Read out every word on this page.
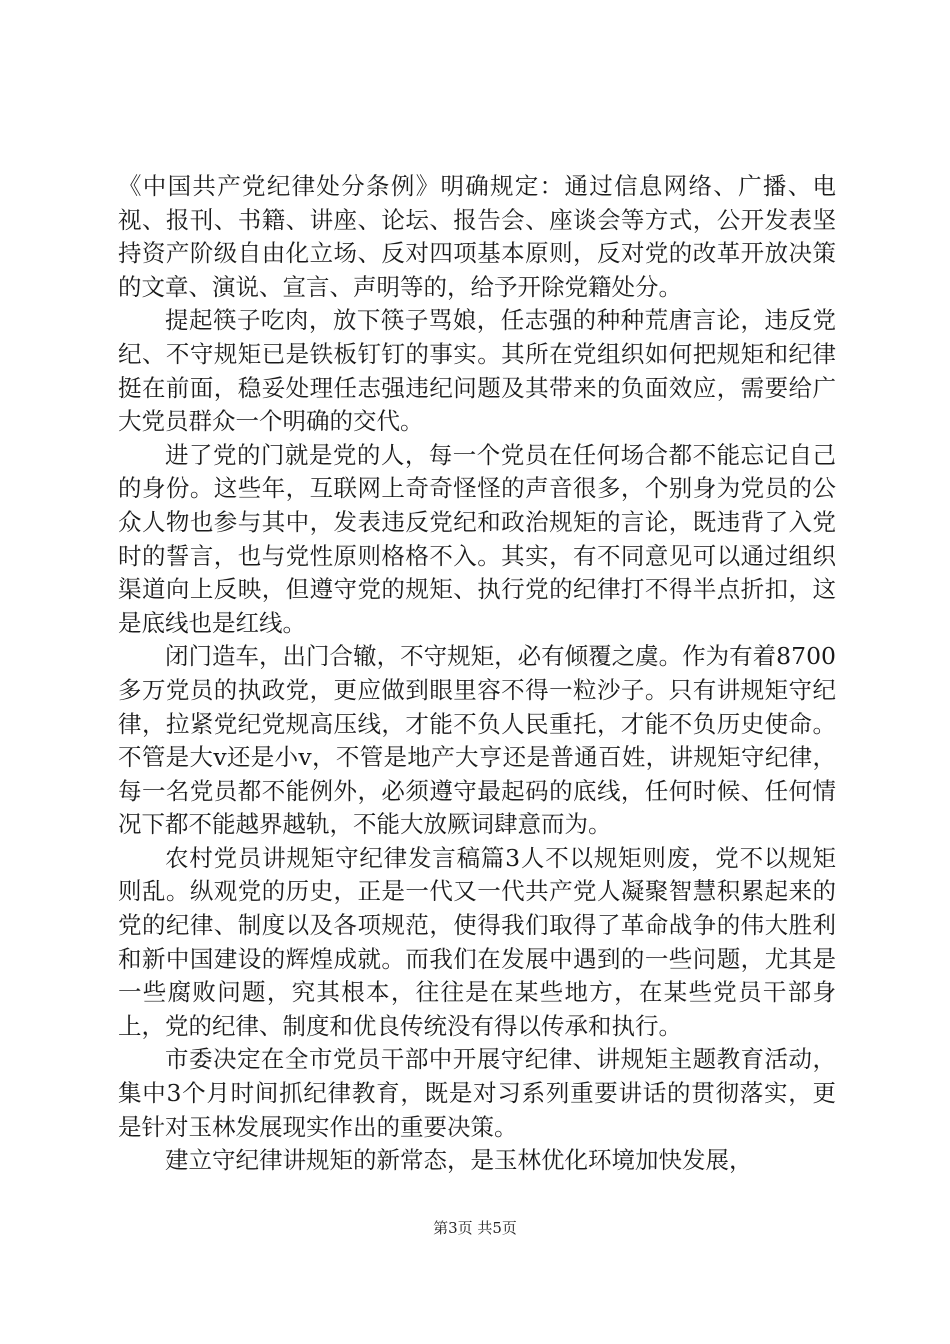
《中国共产党纪律处分条例》明确规定：通过信息网络、广播、电视、报刊、书籍、讲座、论坛、报告会、座谈会等方式，公开发表坚持资产阶级自由化立场、反对四项基本原则，反对党的改革开放决策的文章、演说、宣言、声明等的，给予开除党籍处分。

提起筷子吃肉，放下筷子骂娘，任志强的种种荒唐言论，违反党纪、不守规矩已是铁板钉钉的事实。其所在党组织如何把规矩和纪律挺在前面，稳妥处理任志强违纪问题及其带来的负面效应，需要给广大党员群众一个明确的交代。

进了党的门就是党的人，每一个党员在任何场合都不能忘记自己的身份。这些年，互联网上奇奇怪怪的声音很多，个别身为党员的公众人物也参与其中，发表违反党纪和政治规矩的言论，既违背了入党时的誓言，也与党性原则格格不入。其实，有不同意见可以通过组织渠道向上反映，但遵守党的规矩、执行党的纪律打不得半点折扣，这是底线也是红线。

闭门造车，出门合辙，不守规矩，必有倾覆之虞。作为有着8700多万党员的执政党，更应做到眼里容不得一粒沙子。只有讲规矩守纪律，拉紧党纪党规高压线，才能不负人民重托，才能不负历史使命。不管是大v还是小v，不管是地产大亨还是普通百姓，讲规矩守纪律，每一名党员都不能例外，必须遵守最起码的底线，任何时候、任何情况下都不能越界越轨，不能大放厥词肆意而为。

农村党员讲规矩守纪律发言稿篇3人不以规矩则废，党不以规矩则乱。纵观党的历史，正是一代又一代共产党人凝聚智慧积累起来的党的纪律、制度以及各项规范，使得我们取得了革命战争的伟大胜利和新中国建设的辉煌成就。而我们在发展中遇到的一些问题，尤其是一些腐败问题，究其根本，往往是在某些地方，在某些党员干部身上，党的纪律、制度和优良传统没有得以传承和执行。

市委决定在全市党员干部中开展守纪律、讲规矩主题教育活动，集中3个月时间抓纪律教育，既是对习系列重要讲话的贯彻落实，更是针对玉林发展现实作出的重要决策。

建立守纪律讲规矩的新常态，是玉林优化环境加快发展，

第3页 共5页
